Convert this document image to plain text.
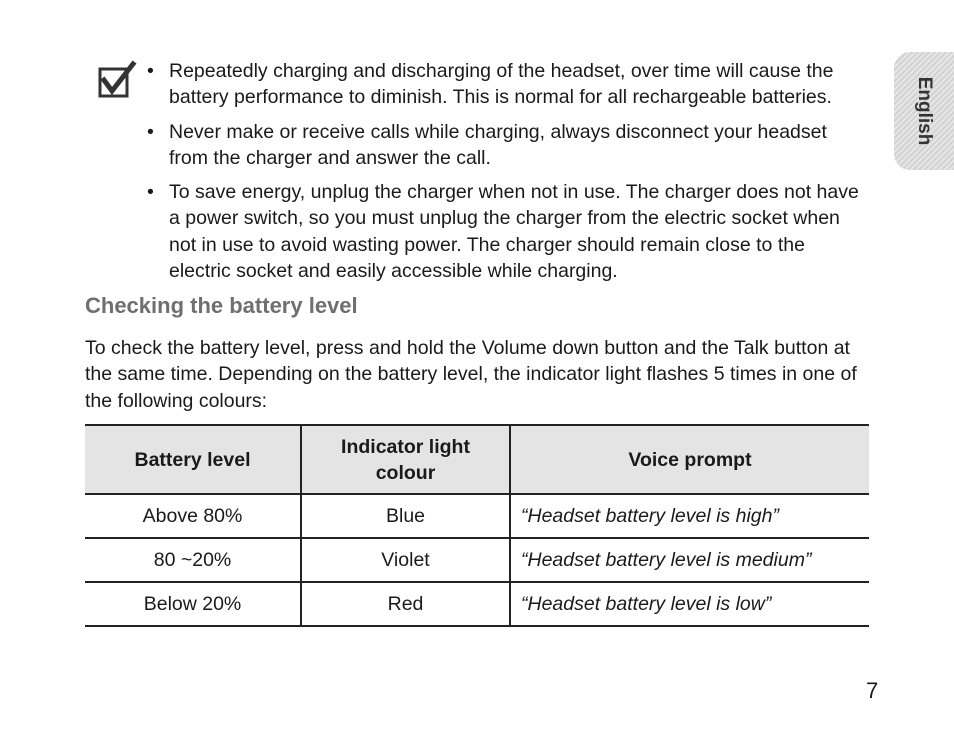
English
• Repeatedly charging and discharging of the headset, over time will cause the battery performance to diminish. This is normal for all rechargeable batteries.
• Never make or receive calls while charging, always disconnect your headset from the charger and answer the call.
• To save energy, unplug the charger when not in use. The charger does not have a power switch, so you must unplug the charger from the electric socket when not in use to avoid wasting power. The charger should remain close to the electric socket and easily accessible while charging.
Checking the battery level

To check the battery level, press and hold the Volume down button and the Talk button at the same time. Depending on the battery level, the indicator light flashes 5 times in one of the following colours:

Battery level	Indicator light colour	Voice prompt
Above 80%	Blue	“Headset battery level is high”
80 ~20%	Violet	“Headset battery level is medium”
Below 20%	Red	“Headset battery level is low”
7
